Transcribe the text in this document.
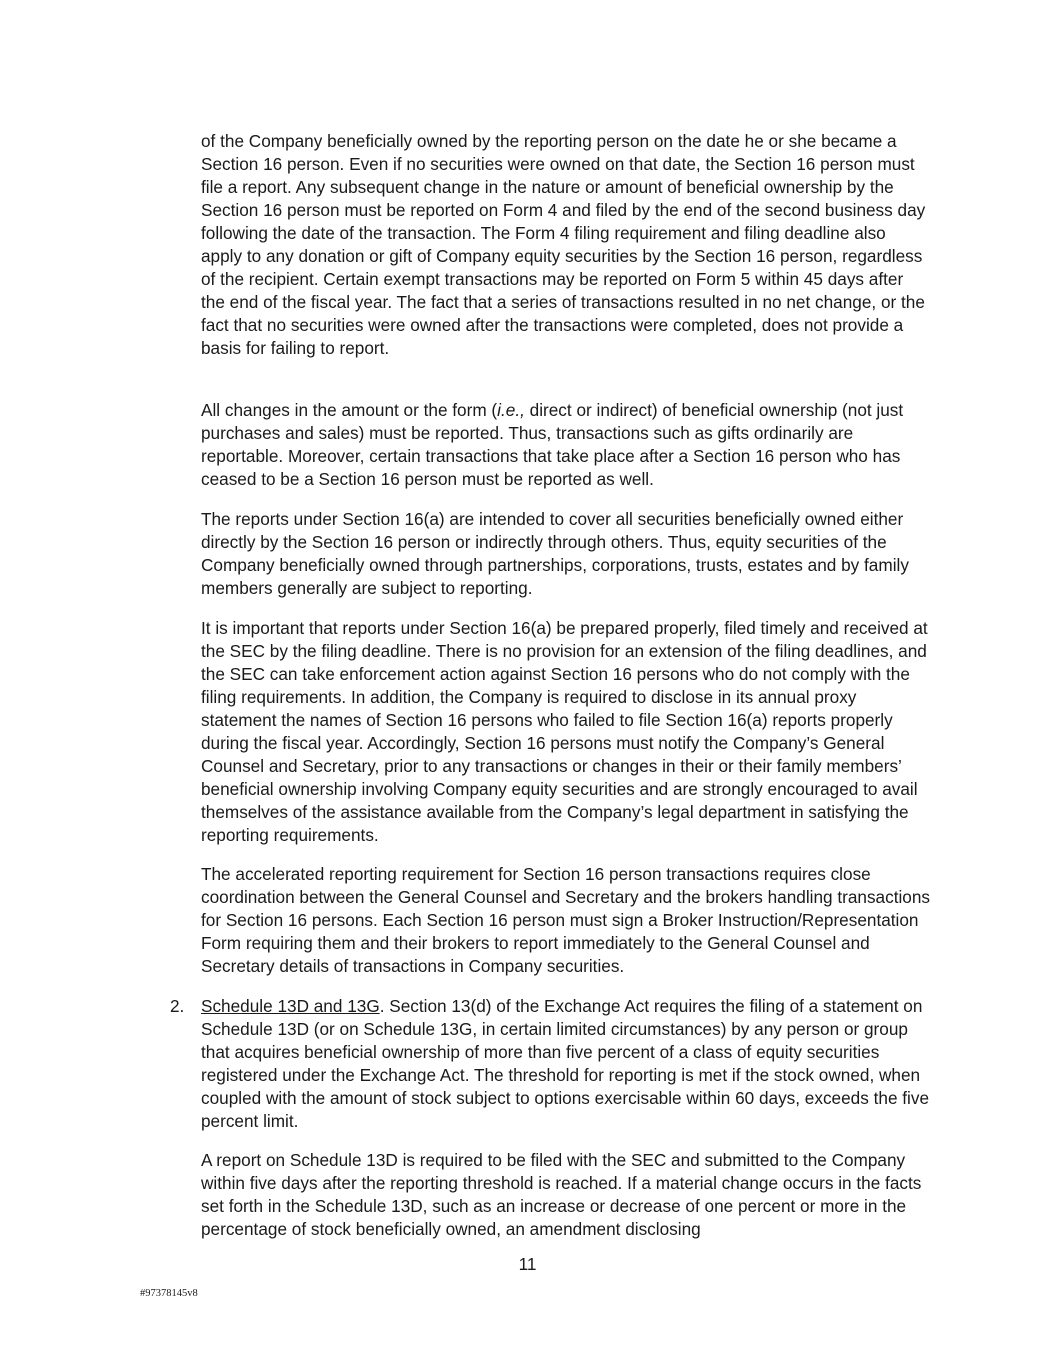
of the Company beneficially owned by the reporting person on the date he or she became a Section 16 person. Even if no securities were owned on that date, the Section 16 person must file a report. Any subsequent change in the nature or amount of beneficial ownership by the Section 16 person must be reported on Form 4 and filed by the end of the second business day following the date of the transaction. The Form 4 filing requirement and filing deadline also apply to any donation or gift of Company equity securities by the Section 16 person, regardless of the recipient. Certain exempt transactions may be reported on Form 5 within 45 days after the end of the fiscal year. The fact that a series of transactions resulted in no net change, or the fact that no securities were owned after the transactions were completed, does not provide a basis for failing to report.

All changes in the amount or the form (i.e., direct or indirect) of beneficial ownership (not just purchases and sales) must be reported. Thus, transactions such as gifts ordinarily are reportable. Moreover, certain transactions that take place after a Section 16 person who has ceased to be a Section 16 person must be reported as well.

The reports under Section 16(a) are intended to cover all securities beneficially owned either directly by the Section 16 person or indirectly through others. Thus, equity securities of the Company beneficially owned through partnerships, corporations, trusts, estates and by family members generally are subject to reporting.

It is important that reports under Section 16(a) be prepared properly, filed timely and received at the SEC by the filing deadline. There is no provision for an extension of the filing deadlines, and the SEC can take enforcement action against Section 16 persons who do not comply with the filing requirements. In addition, the Company is required to disclose in its annual proxy statement the names of Section 16 persons who failed to file Section 16(a) reports properly during the fiscal year. Accordingly, Section 16 persons must notify the Company’s General Counsel and Secretary, prior to any transactions or changes in their or their family members’ beneficial ownership involving Company equity securities and are strongly encouraged to avail themselves of the assistance available from the Company’s legal department in satisfying the reporting requirements.

The accelerated reporting requirement for Section 16 person transactions requires close coordination between the General Counsel and Secretary and the brokers handling transactions for Section 16 persons. Each Section 16 person must sign a Broker Instruction/Representation Form requiring them and their brokers to report immediately to the General Counsel and Secretary details of transactions in Company securities.

2. Schedule 13D and 13G. Section 13(d) of the Exchange Act requires the filing of a statement on Schedule 13D (or on Schedule 13G, in certain limited circumstances) by any person or group that acquires beneficial ownership of more than five percent of a class of equity securities registered under the Exchange Act. The threshold for reporting is met if the stock owned, when coupled with the amount of stock subject to options exercisable within 60 days, exceeds the five percent limit.

A report on Schedule 13D is required to be filed with the SEC and submitted to the Company within five days after the reporting threshold is reached. If a material change occurs in the facts set forth in the Schedule 13D, such as an increase or decrease of one percent or more in the percentage of stock beneficially owned, an amendment disclosing

11
#97378145v8
